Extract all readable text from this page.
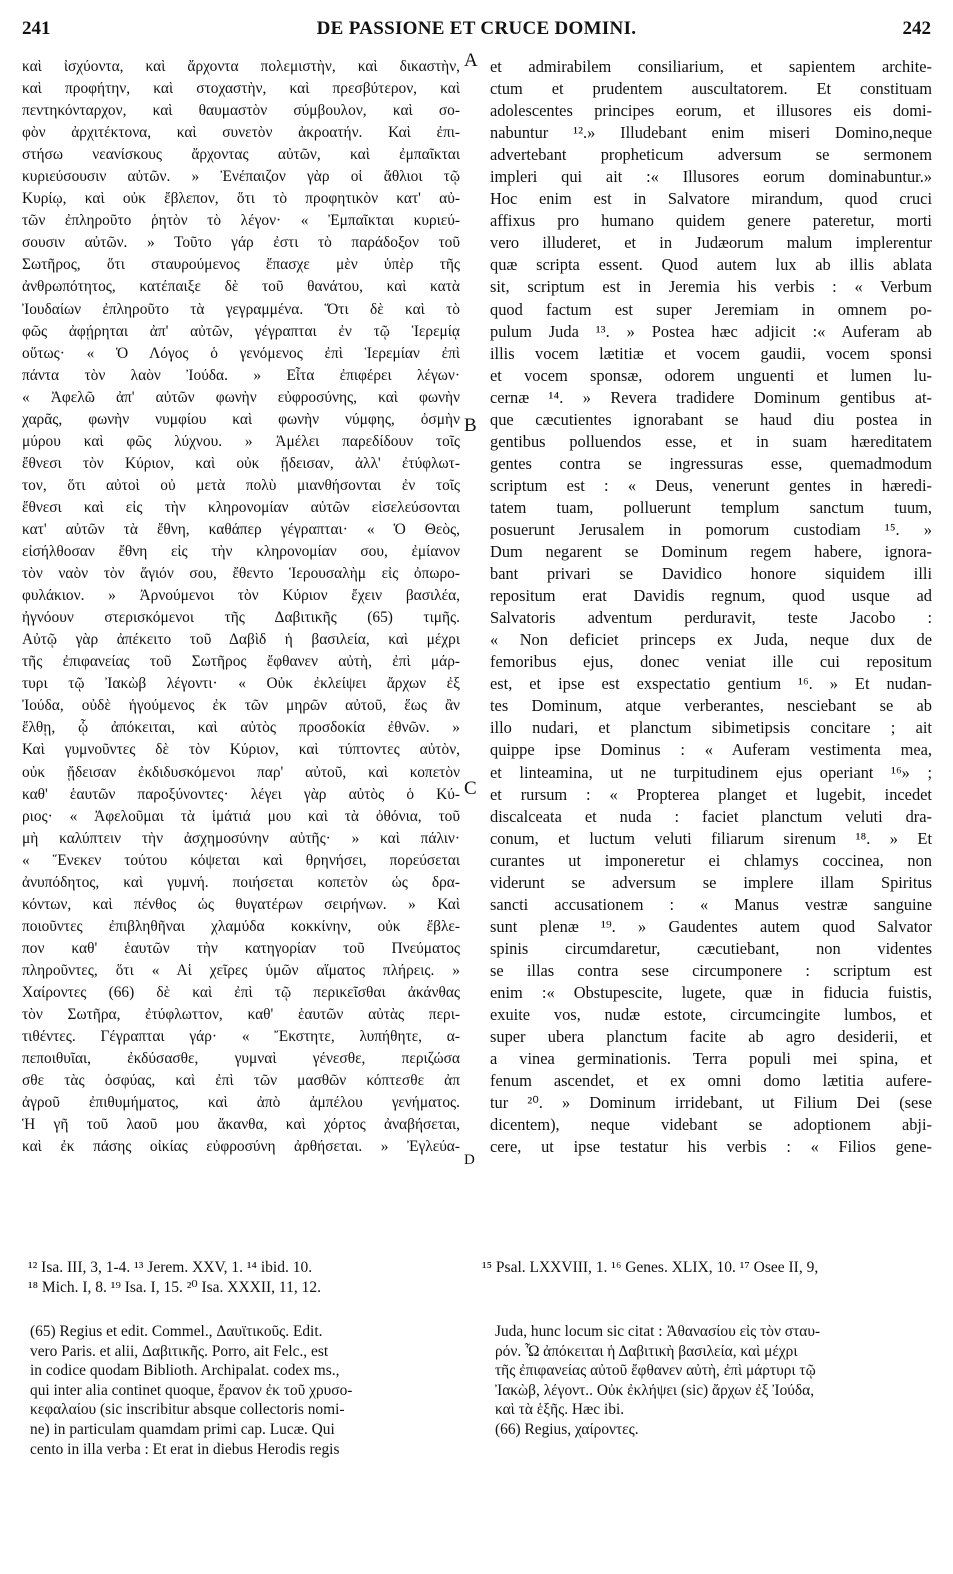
241	DE PASSIONE ET CRUCE DOMINI.	242
καὶ ἰσχύοντα, καὶ ἄρχοντα πολεμιστὴν, καὶ δικαστὴν,
καὶ προφήτην, καὶ στοχαστὴν, καὶ πρεσβύτερον, καὶ
πεντηκόνταρχον, καὶ θαυμαστὸν σύμβουλον, καὶ σο-
φὸν ἀρχιτέκτονα, καὶ συνετὸν ἀκροατήν. Καὶ ἐπι-
στήσω νεανίσκους ἄρχοντας αὐτῶν, καὶ ἐμπαῖκται
κυριεύσουσιν αὐτῶν. » Ἐνέπαιζον γὰρ οἱ ἄθλιοι τῷ
Κυρίῳ, καὶ οὐκ ἔβλεπον, ὅτι τὸ προφητικὸν κατ' αὐ-
τῶν ἐπληροῦτο ῥητὸν τὸ λέγον· « Ἐμπαῖκται κυριεύ-
σουσιν αὐτῶν. » Τοῦτο γάρ ἐστι τὸ παράδοξον τοῦ
Σωτῆρος, ὅτι σταυρούμενος ἔπασχε μὲν ὑπὲρ τῆς
ἀνθρωπότητος, κατέπαιξε δὲ τοῦ θανάτου, καὶ κατὰ
Ἰουδαίων ἐπληροῦτο τὰ γεγραμμένα. Ὅτι δὲ καὶ τὸ
φῶς ἀφῄρηται ἀπ' αὐτῶν, γέγραπται ἐν τῷ Ἱερεμίᾳ
οὕτως· « Ὁ Λόγος ὁ γενόμενος ἐπὶ Ἱερεμίαν ἐπὶ
πάντα τὸν λαὸν Ἰούδα. » Εἶτα ἐπιφέρει λέγων·
« Ἀφελῶ ἀπ' αὐτῶν φωνὴν εὐφροσύνης, καὶ φωνὴν
χαρᾶς, φωνὴν νυμφίου καὶ φωνὴν νύμφης, ὀσμὴν
μύρου καὶ φῶς λύχνου. » Ἀμέλει παρεδίδουν τοῖς
ἔθνεσι τὸν Κύριον, καὶ οὐκ ᾔδεισαν, ἀλλ' ἐτύφλωτ-
τον, ὅτι αὐτοὶ οὐ μετὰ πολὺ μιανθήσονται ἐν τοῖς
ἔθνεσι καὶ εἰς τὴν κληρονομίαν αὐτῶν εἰσελεύσονται
κατ' αὐτῶν τὰ ἔθνη, καθάπερ γέγραπται· « Ὁ Θεὸς,
εἰσήλθοσαν ἔθνη εἰς τὴν κληρονομίαν σου, ἐμίανον
τὸν ναὸν τὸν ἅγιόν σου, ἔθεντο Ἱερουσαλὴμ εἰς ὀπωρο-
φυλάκιον. » Ἀρνούμενοι τὸν Κύριον ἔχειν βασιλέα,
ἠγνόουν στερισκόμενοι τῆς Δαβιτικῆς (65) τιμῆς.
Αὐτῷ γὰρ ἀπέκειτο τοῦ Δαβὶδ ἡ βασιλεία, καὶ μέχρι
τῆς ἐπιφανείας τοῦ Σωτῆρος ἔφθανεν αὐτὴ, ἐπὶ μάρ-
τυρι τῷ Ἰακὼβ λέγοντι· « Οὐκ ἐκλείψει ἄρχων ἐξ
Ἰούδα, οὐδὲ ἡγούμενος ἐκ τῶν μηρῶν αὐτοῦ, ἕως ἂν
ἔλθῃ, ᾧ ἀπόκειται, καὶ αὐτὸς προσδοκία ἐθνῶν. »
Καὶ γυμνοῦντες δὲ τὸν Κύριον, καὶ τύπτοντες αὐτὸν,
οὐκ ᾔδεισαν ἐκδιδυσκόμενοι παρ' αὐτοῦ, καὶ κοπετὸν
καθ' ἑαυτῶν παροξύνοντες· λέγει γὰρ αὐτὸς ὁ Κύ-
ριος· « Ἀφελοῦμαι τὰ ἱμάτιά μου καὶ τὰ ὀθόνια, τοῦ
μὴ καλύπτειν τὴν ἀσχημοσύνην αὐτῆς· » καὶ πάλιν·
« Ἕνεκεν τούτου κόψεται καὶ θρηνήσει, πορεύσεται
ἀνυπόδητος, καὶ γυμνή. ποιήσεται κοπετὸν ὡς δρα-
κόντων, καὶ πένθος ὡς θυγατέρων σειρήνων. » Καὶ
ποιοῦντες ἐπιβληθῆναι χλαμύδα κοκκίνην, οὐκ ἔβλε-
πον καθ' ἑαυτῶν τὴν κατηγορίαν τοῦ Πνεύματος
πληροῦντες, ὅτι « Αἱ χεῖρες ὑμῶν αἵματος πλήρεις. »
Χαίροντες (66) δὲ καὶ ἐπὶ τῷ περικεῖσθαι ἀκάνθας
τὸν Σωτῆρα, ἐτύφλωττον, καθ' ἑαυτῶν αὐτὰς περι-
τιθέντες. Γέγραπται γάρ· « Ἔκστητε, λυπήθητε, α-
πεποιθυῖαι, ἐκδύσασθε, γυμναὶ γένεσθε, περιζώσα
σθε τὰς ὀσφύας, καὶ ἐπὶ τῶν μασθῶν κόπτεσθε ἀπ
ἀγροῦ ἐπιθυμήματος, καὶ ἀπὸ ἀμπέλου γενήματος.
Ἡ γῆ τοῦ λαοῦ μου ἄκανθα, καὶ χόρτος ἀναβήσεται,
καὶ ἐκ πάσης οἰκίας εὐφροσύνη ἀρθήσεται. » Ἐγλεύα-
et admirabilem consiliarium, et sapientem archite-
ctum et prudentem auscultatorem. Et constituam
adolescentes principes eorum, et illusores eis domi-
nabuntur ¹².» Illudebant enim miseri Domino,neque
advertebant propheticum adversum se sermonem
impleri qui ait :« Illusores eorum dominabuntur.»
Hoc enim est in Salvatore mirandum, quod cruci
affixus pro humano quidem genere pateretur, morti
vero illuderet, et in Judæorum malum implerentur
quæ scripta essent. Quod autem lux ab illis ablata
sit, scriptum est in Jeremia his verbis : « Verbum
quod factum est super Jeremiam in omnem po-
pulum Juda ¹³. » Postea hæc adjicit :« Auferam ab
illis vocem lætitiæ et vocem gaudii, vocem sponsi
et vocem sponsæ, odorem unguenti et lumen lu-
cernæ ¹⁴. » Revera tradidere Dominum gentibus at-
que cæcutientes ignorabant se haud diu postea in
gentibus polluendos esse, et in suam hæreditatem
gentes contra se ingressuras esse, quemadmodum
scriptum est : « Deus, venerunt gentes in hæredi-
tatem tuam, polluerunt templum sanctum tuum,
posuerunt Jerusalem in pomorum custodiam ¹⁵. »
Dum negarent se Dominum regem habere, ignora-
bant privari se Davidico honore siquidem illi
repositum erat Davidis regnum, quod usque ad
Salvatoris adventum perduravit, teste Jacobo :
« Non deficiet princeps ex Juda, neque dux de
femoribus ejus, donec veniat ille cui repositum
est, et ipse est exspectatio gentium ¹⁶. » Et nudan-
tes Dominum, atque verberantes, nesciebant se ab
illo nudari, et planctum sibimetipsis concitare ; ait
quippe ipse Dominus : « Auferam vestimenta mea,
et linteamina, ut ne turpitudinem ejus operiant ¹⁶» ;
et rursum : « Propterea planget et lugebit, incedet
discalceata et nuda : faciet planctum veluti dra-
conum, et luctum veluti filiarum sirenum ¹⁸. » Et
curantes ut imponeretur ei chlamys coccinea, non
viderunt se adversum se implere illam Spiritus
sancti accusationem : « Manus vestræ sanguine
sunt plenæ ¹⁹. » Gaudentes autem quod Salvator
spinis circumdaretur, cæcutiebant, non videntes
se illas contra sese circumponere : scriptum est
enim :« Obstupescite, lugete, quæ in fiducia fuistis,
exuite vos, nudæ estote, circumcingite lumbos, et
super ubera planctum facite ab agro desiderii, et
a vinea germinationis. Terra populi mei spina, et
fenum ascendet, et ex omni domo lætitia aufere-
tur ²⁰. » Dominum irridebant, ut Filium Dei (sese
dicentem), neque videbant se adoptionem abji-
cere, ut ipse testatur his verbis : « Filios gene-
A
B
C
D
¹² Isa. III, 3, 1-4. ¹³ Jerem. XXV, 1. ¹⁴ ibid. 10.
¹⁸ Mich. I, 8. ¹⁹ Isa. I, 15. ²⁰ Isa. XXXII, 11, 12.
¹⁵ Psal. LXXVIII, 1. ¹⁶ Genes. XLIX, 10. ¹⁷ Osee II, 9,
(65) Regius et edit. Commel., Δαυϊτικοῦς. Edit.
vero Paris. et alii, Δαβιτικῆς. Porro, ait Felc., est
in codice quodam Biblioth. Archipalat. codex ms.,
qui inter alia continet quoque, ἔρανον ἐκ τοῦ χρυσο-
κεφαλαίου (sic inscribitur absque collectoris nomi-
ne) in particulam quamdam primi cap. Lucæ. Qui
cento in illa verba : Et erat in diebus Herodis regis
Juda, hunc locum sic citat : Ἀθανασίου εἰς τὸν σταυ-
ρόν. Ὧ ἀπόκειται ἡ Δαβιτικὴ βασιλεία, καὶ μέχρι
τῆς ἐπιφανείας αὐτοῦ ἔφθανεν αὐτὴ, ἐπὶ μάρτυρι τῷ
Ἰακὼβ, λέγοντ.. Οὐκ ἐκλήψει (sic) ἄρχων ἐξ Ἰούδα,
καὶ τὰ ἑξῆς. Hæc ibi.
(66) Regius, χαίροντες.
